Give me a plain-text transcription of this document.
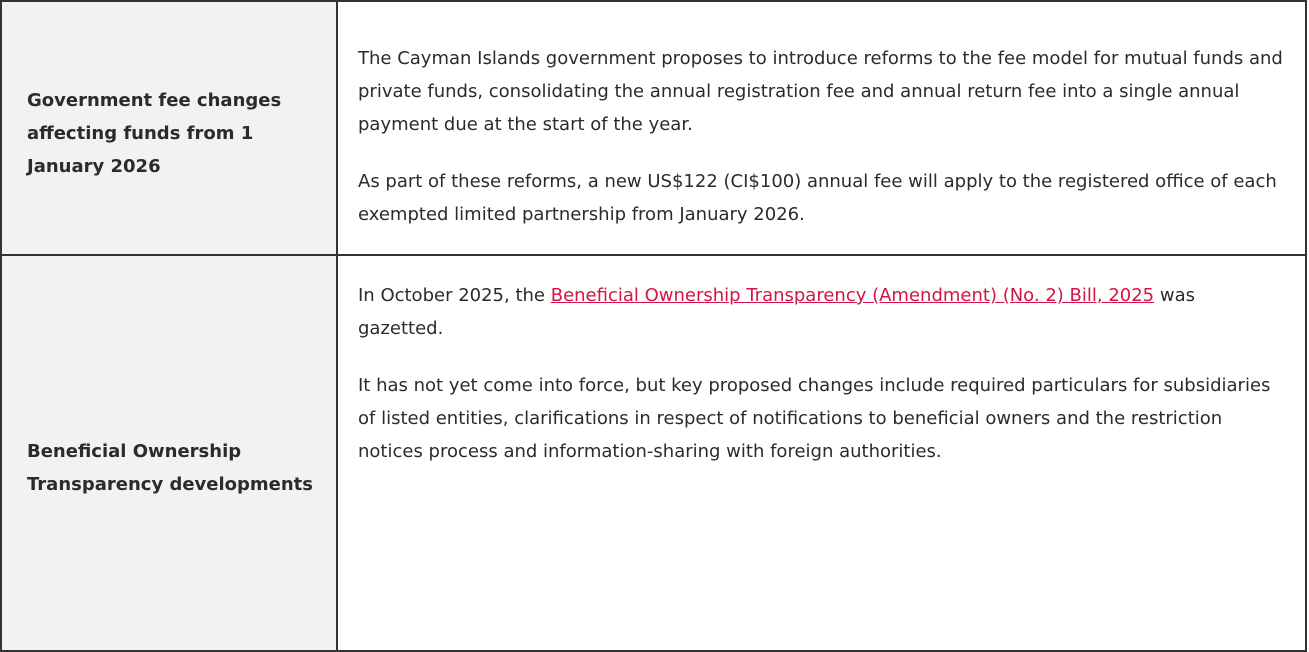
Government fee changes affecting funds from 1 January 2026	The Cayman Islands government proposes to introduce reforms to the fee model for mutual funds and private funds, consolidating the annual registration fee and annual return fee into a single annual payment due at the start of the year.

As part of these reforms, a new US$122 (CI$100) annual fee will apply to the registered office of each exempted limited partnership from January 2026.

Beneficial Ownership Transparency developments	In October 2025, the Beneficial Ownership Transparency (Amendment) (No. 2) Bill, 2025 was gazetted.

It has not yet come into force, but key proposed changes include required particulars for subsidiaries of listed entities, clarifications in respect of notifications to beneficial owners and the restriction notices process and information-sharing with foreign authorities.
